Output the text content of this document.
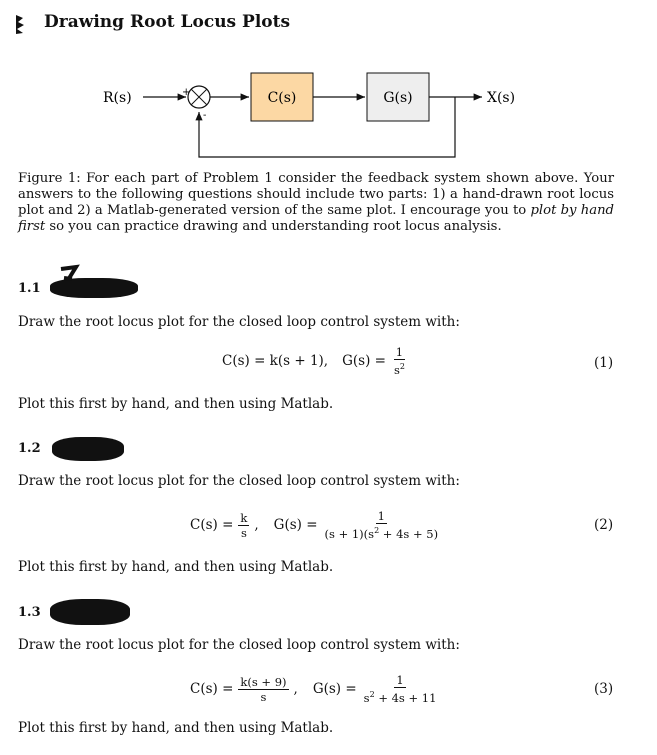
Drawing Root Locus Plots
R(s)	+
-
C(s)	G(s)	X(s)
Figure 1: For each part of Problem 1 consider the feedback system shown above. Your answers to the following questions should include two parts: 1) a hand-drawn root locus plot and 2) a Matlab-generated version of the same plot. I encourage you to plot by hand first so you can practice drawing and understanding root locus analysis.
1.1
Draw the root locus plot for the closed loop control system with:
C(s) = k(s + 1), $G(s) = \frac{1}{s^2}$	(1)
Plot this first by hand, and then using Matlab.
1.2
Draw the root locus plot for the closed loop control system with:
$C(s) = \frac{k}{s}$ , $G(s) = \frac{1}{(s + 1)(s^2 + 4s + 5)}$	(2)
Plot this first by hand, and then using Matlab.
1.3
Draw the root locus plot for the closed loop control system with:
$C(s) = \frac{k(s + 9)}{s}$ , $G(s) = \frac{1}{s^2 + 4s + 11}$	(3)
Plot this first by hand, and then using Matlab.
